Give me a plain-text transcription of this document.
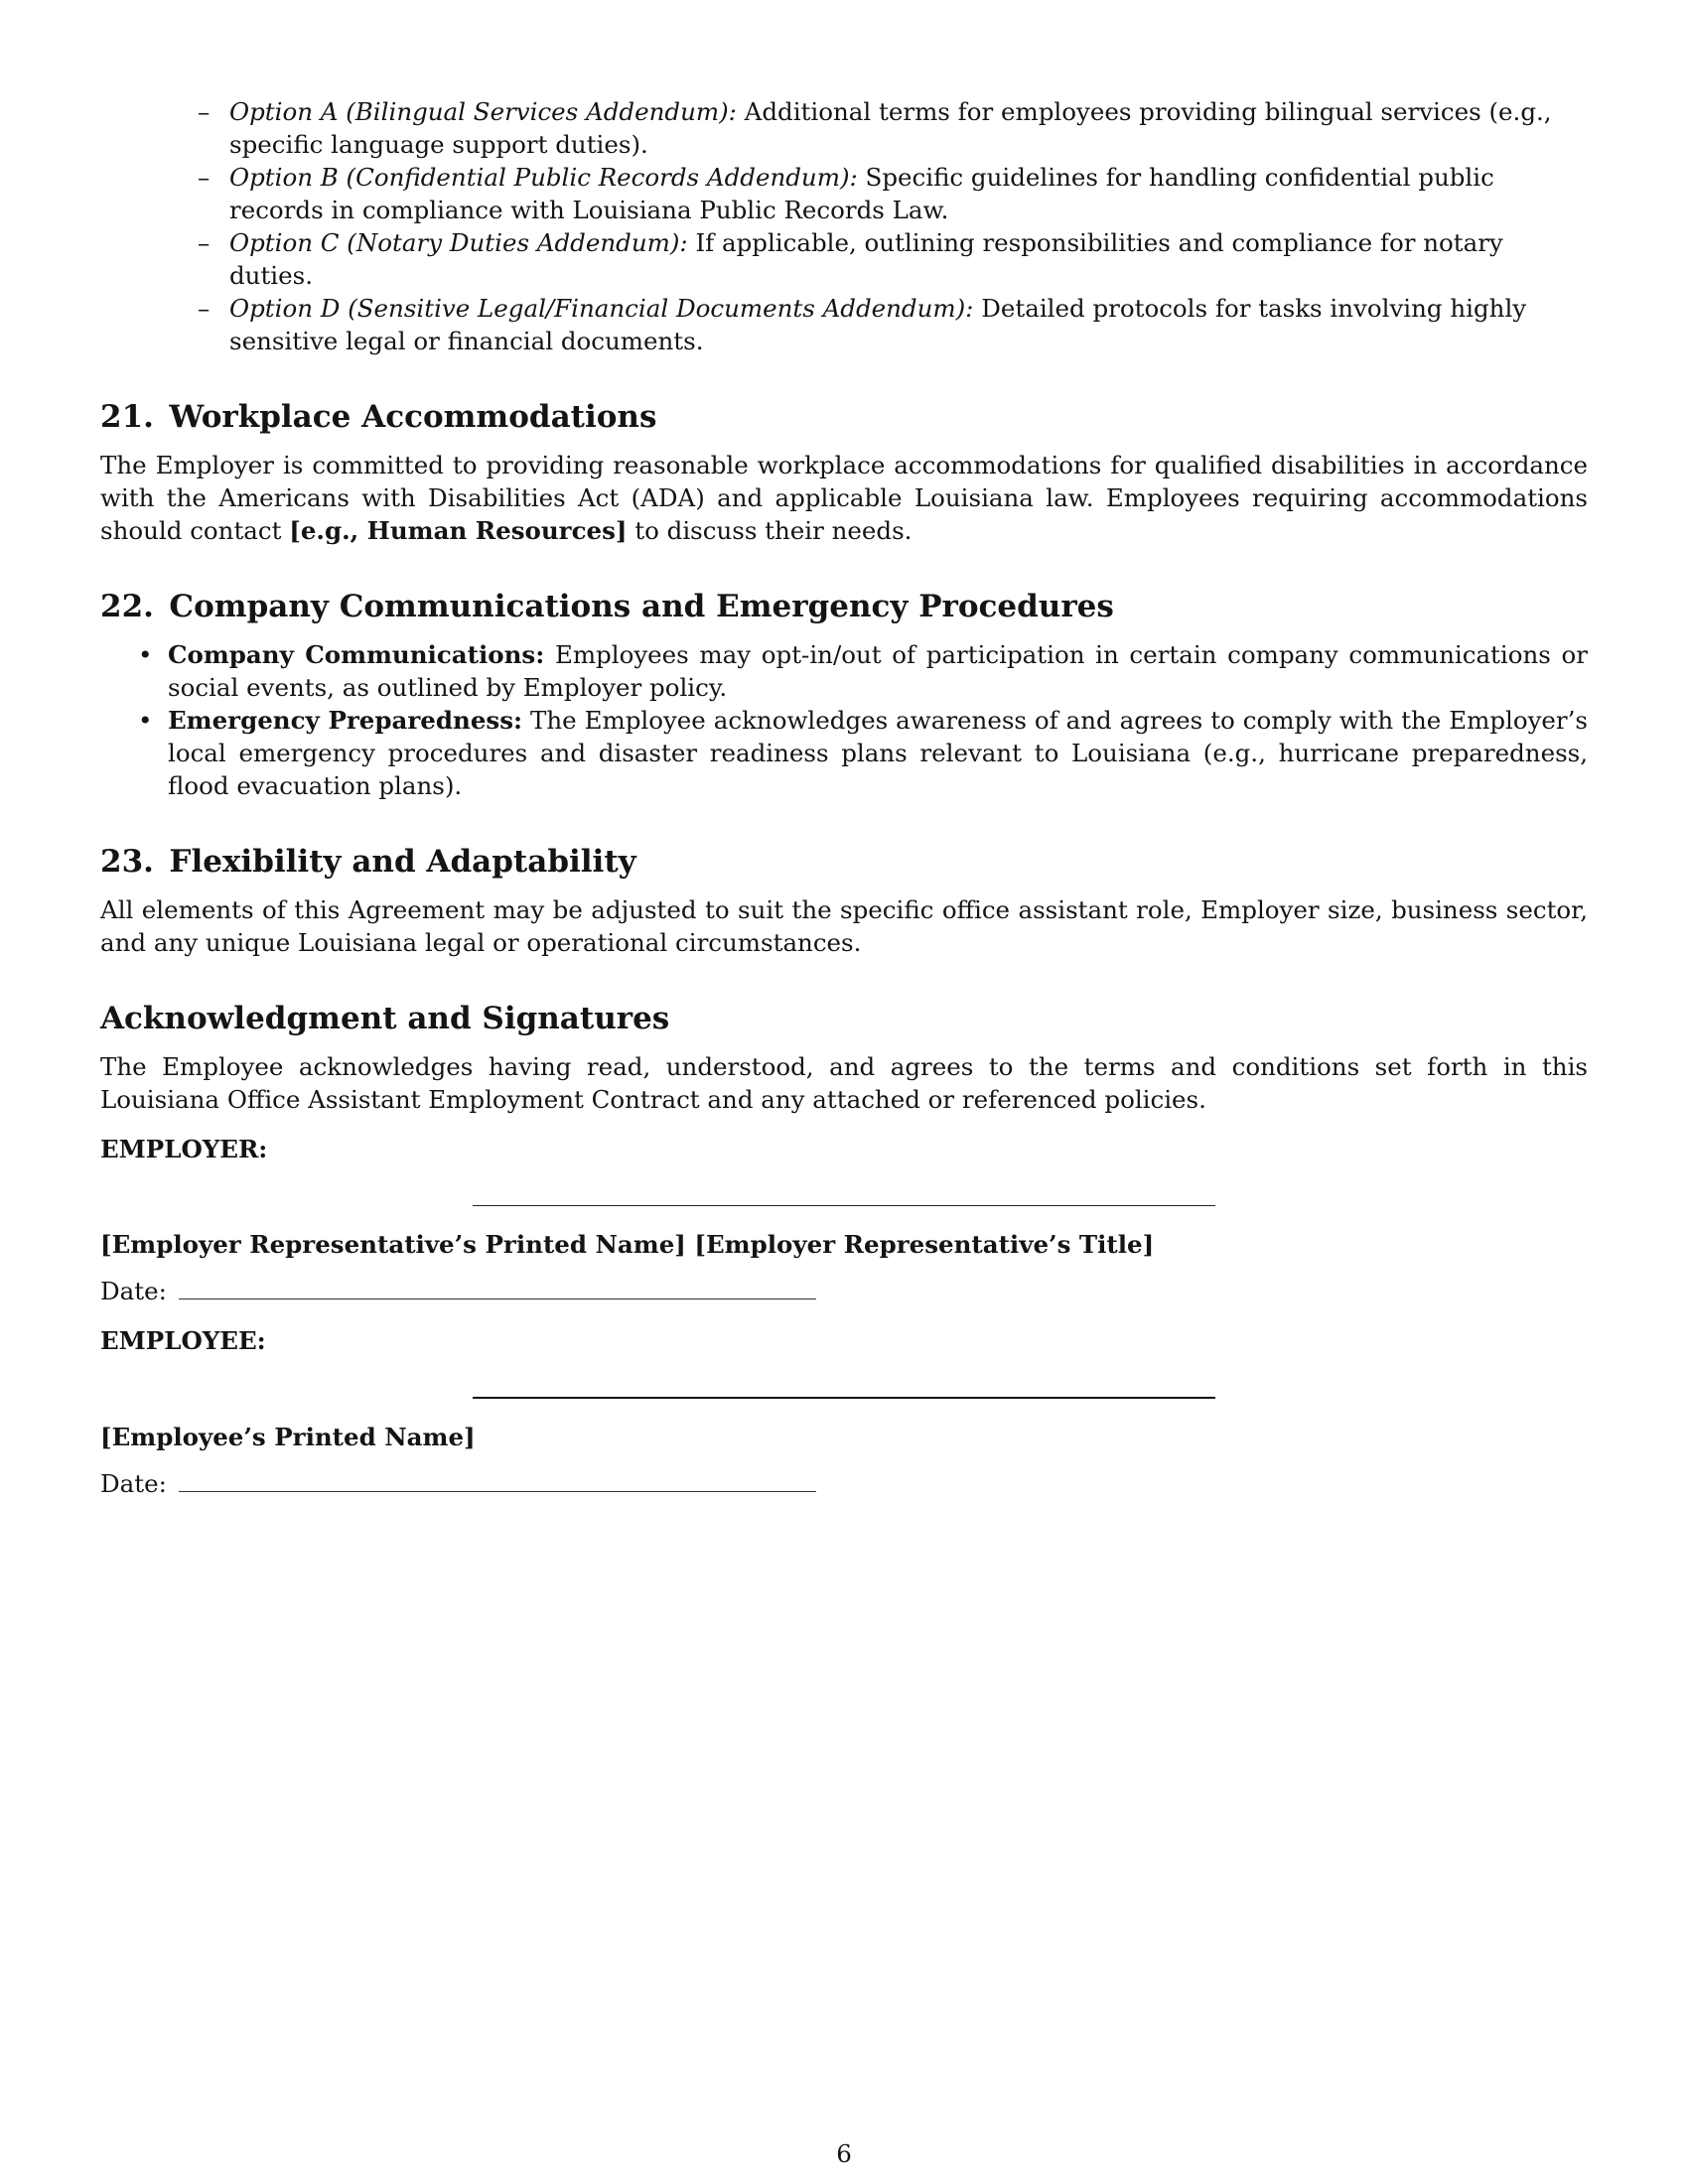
– Option A (Bilingual Services Addendum): Additional terms for employees providing bilingual services (e.g., specific language support duties).
– Option B (Confidential Public Records Addendum): Specific guidelines for handling confidential public records in compliance with Louisiana Public Records Law.
– Option C (Notary Duties Addendum): If applicable, outlining responsibilities and compliance for notary duties.
– Option D (Sensitive Legal/Financial Documents Addendum): Detailed protocols for tasks involving highly sensitive legal or financial documents.
21. Workplace Accommodations

The Employer is committed to providing reasonable workplace accommodations for qualified disabilities in accordance with the Americans with Disabilities Act (ADA) and applicable Louisiana law. Employees requiring accommodations should contact [e.g., Human Resources] to discuss their needs.

22. Company Communications and Emergency Procedures
• Company Communications: Employees may opt-in/out of participation in certain company communications or social events, as outlined by Employer policy.
• Emergency Preparedness: The Employee acknowledges awareness of and agrees to comply with the Employer’s local emergency procedures and disaster readiness plans relevant to Louisiana (e.g., hurricane preparedness, flood evacuation plans).
23. Flexibility and Adaptability

All elements of this Agreement may be adjusted to suit the specific office assistant role, Employer size, business sector, and any unique Louisiana legal or operational circumstances.

Acknowledgment and Signatures

The Employee acknowledges having read, understood, and agrees to the terms and conditions set forth in this Louisiana Office Assistant Employment Contract and any attached or referenced policies.

EMPLOYER:
[Employer Representative’s Printed Name] [Employer Representative’s Title]
Date:
EMPLOYEE:
[Employee’s Printed Name]
Date:
6
